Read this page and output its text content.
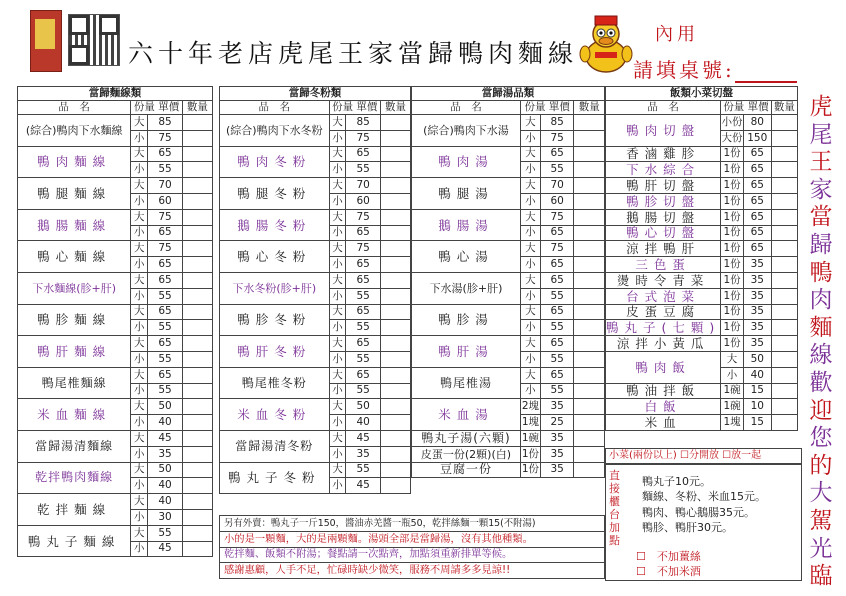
六十年老店虎尾王家當歸鴨肉麵線
內用
請填桌號:
虎
尾
王
家
當
歸
鴨
肉
麵
線
歡
迎
您
的
大
駕
光
臨
當歸麵線類			
品　名	份量 單價		數量
(綜合)鴨肉下水麵線	大	85	
	小	75	
鴨肉麵線	大	65	
	小	55	
鴨腿麵線	大	70	
	小	60	
鵝腸麵線	大	75	
	小	65	
鴨心麵線	大	75	
	小	65	
下水麵線(胗+肝)	大	65	
	小	55	
鴨胗麵線	大	65	
	小	55	
鴨肝麵線	大	65	
	小	55	
鴨尾椎麵線	大	65	
	小	55	
米血麵線	大	50	
	小	40	
當歸湯清麵線	大	45	
	小	35	
乾拌鴨肉麵線	大	50	
	小	40	
乾拌麵線	大	40	
	小	30	
鴨丸子麵線	大	55	
	小	45	
當歸冬粉類			
品　名	份量 單價		數量
(綜合)鴨肉下水冬粉	大	85	
	小	75	
鴨肉冬粉	大	65	
	小	55	
鴨腿冬粉	大	70	
	小	60	
鵝腸冬粉	大	75	
	小	65	
鴨心冬粉	大	75	
	小	65	
下水冬粉(胗+肝)	大	65	
	小	55	
鴨胗冬粉	大	65	
	小	55	
鴨肝冬粉	大	65	
	小	55	
鴨尾椎冬粉	大	65	
	小	55	
米血冬粉	大	50	
	小	40	
當歸湯清冬粉	大	45	
	小	35	
鴨丸子冬粉	大	55	
	小	45	
當歸湯品類			
品　名	份量 單價		數量
(綜合)鴨肉下水湯	大	85	
	小	75	
鴨肉湯	大	65	
	小	55	
鴨腿湯	大	70	
	小	60	
鵝腸湯	大	75	
	小	65	
鴨心湯	大	75	
	小	65	
下水湯(胗+肝)	大	65	
	小	55	
鴨胗湯	大	65	
	小	55	
鴨肝湯	大	65	
	小	55	
鴨尾椎湯	大	65	
	小	55	
米血湯	2塊	35	
	1塊	25	
鴨丸子湯(六顆)	1碗	35	
皮蛋一份(2顆)(白)	1份	35	
豆腐一份	1份	35	
飯類小菜切盤			
品　名	份量 單價		數量
鴨肉切盤	小份	80	
	大份	150	
香滷雞胗	1份	65	
下水綜合	1份	65	
鴨肝切盤	1份	65	
鴨胗切盤	1份	65	
鵝腸切盤	1份	65	
鴨心切盤	1份	65	
涼拌鴨肝	1份	65	
三色蛋	1份	35	
燙時令青菜	1份	35	
台式泡菜	1份	35	
皮蛋豆腐	1份	35	
鴨丸子(七顆)	1份	35	
涼拌小黃瓜	1份	35	
鴨肉飯	大	50	
	小	40	
鴨油拌飯	1碗	15	
白飯	1碗	10	
米血	1塊	15	
另有外賣：鴨丸子一斤150，醬油赤羌醬一瓶50，乾拌絲麵一顆15(不附湯)
小的是一顆麵，大的是兩顆麵。湯頭全部是當歸湯，沒有其他種類。
乾拌麵、飯類不附湯；餐點請一次點齊，加點須重新排單等候。
感謝惠顧，人手不足，忙碌時缺少微笑，服務不周請多多見諒!!
小菜(兩份以上) ☐分開放 ☐放一起
直接櫃台加點
鴨丸子10元。
麵線、冬粉、米血15元。
鴨肉、鴨心鵝腸35元。
鴨胗、鴨肝30元。
☐　不加薑絲
☐　不加米酒
